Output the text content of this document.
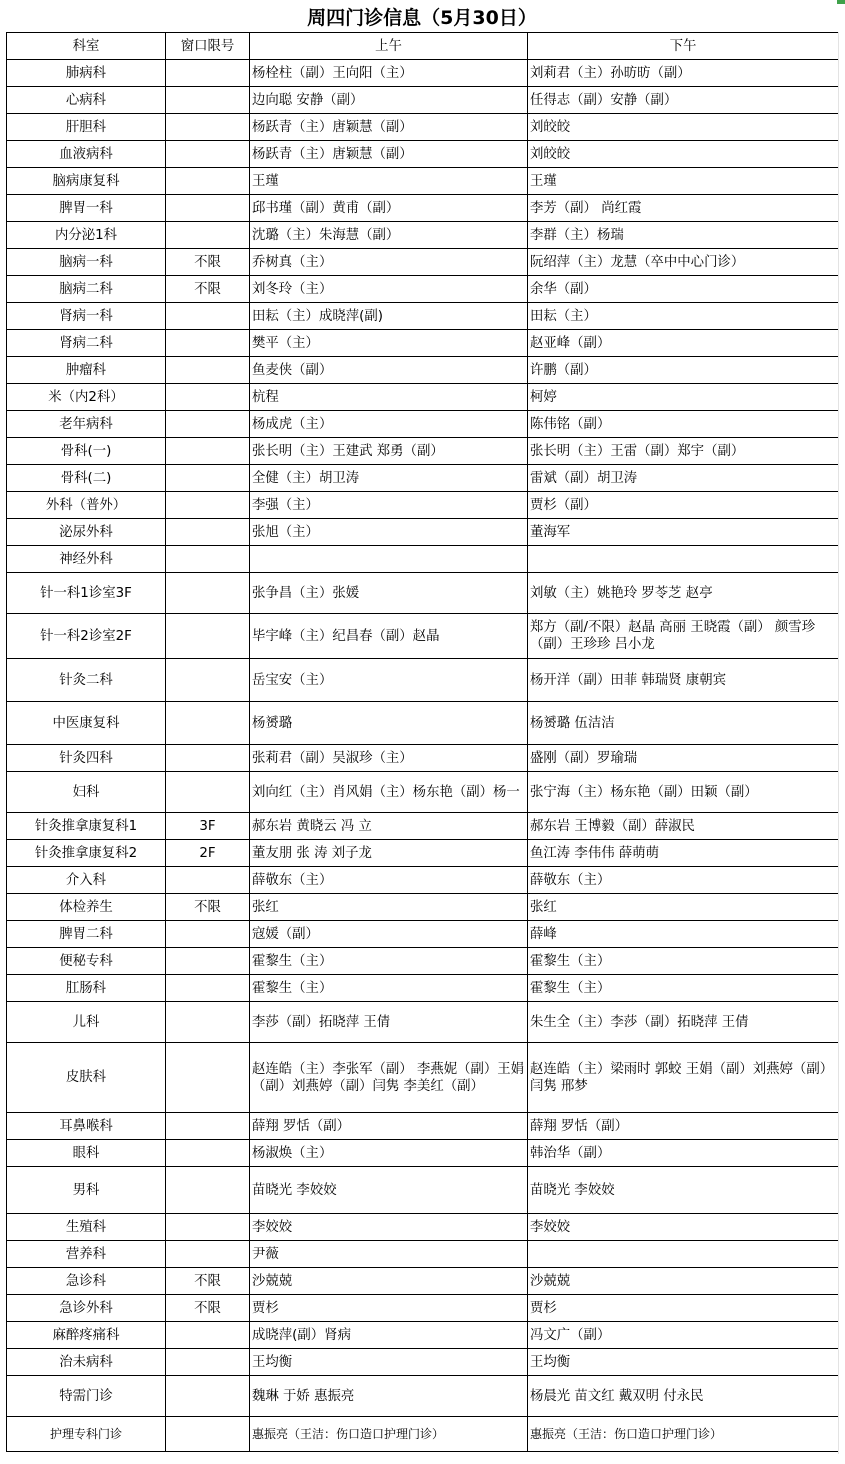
周四门诊信息（5月30日）
科室	窗口限号	上午	下午
肺病科		杨栓柱（副）王向阳（主）	刘莉君（主）孙昉昉（副）
心病科		边向聪 安静（副）	任得志（副）安静（副）
肝胆科		杨跃青（主）唐颖慧（副）	刘皎皎
血液病科		杨跃青（主）唐颖慧（副）	刘皎皎
脑病康复科		王瑾	王瑾
脾胃一科		邱书瑾（副）黄甫（副）	李芳（副） 尚红霞
内分泌1科		沈璐（主）朱海慧（副）	李群（主）杨瑞
脑病一科	不限	乔树真（主）	阮绍萍（主）龙慧（卒中中心门诊）
脑病二科	不限	刘冬玲（主）	余华（副）
肾病一科		田耘（主）成晓萍(副)	田耘（主）
肾病二科		樊平（主）	赵亚峰（副）
肿瘤科		鱼麦侠（副）	许鹏（副）
米（内2科）		杭程	柯婷
老年病科		杨成虎（主）	陈伟铭（副）
骨科(一)		张长明（主）王建武 郑勇（副）	张长明（主）王雷（副）郑宇（副）
骨科(二)		全健（主）胡卫涛	雷斌（副）胡卫涛
外科（普外）		李强（主）	贾杉（副）
泌尿外科		张旭（主）	董海军
神经外科			
针一科1诊室3F		张争昌（主）张媛	刘敏（主）姚艳玲 罗苓芝 赵亭
针一科2诊室2F		毕宇峰（主）纪昌春（副）赵晶	郑方（副/不限）赵晶 高丽 王晓霞（副） 颜雪珍（副）王珍珍 吕小龙
针灸二科		岳宝安（主）	杨开洋（副）田菲 韩瑞贤 康朝宾
中医康复科		杨赟璐	杨赟璐 伍洁洁
针灸四科		张莉君（副）吴淑珍（主）	盛刚（副）罗瑜瑞
妇科		刘向红（主）肖风娟（主）杨东艳（副）杨一	张宁海（主）杨东艳（副）田颖（副）
针灸推拿康复科1	3F	郝东岩 黄晓云 冯 立	郝东岩 王博毅（副）薛淑民
针灸推拿康复科2	2F	董友朋 张 涛 刘子龙	鱼江涛 李伟伟 薛萌萌
介入科		薛敬东（主）	薛敬东（主）
体检养生	不限	张红	张红
脾胃二科		寇媛（副）	薛峰
便秘专科		霍黎生（主）	霍黎生（主）
肛肠科		霍黎生（主）	霍黎生（主）
儿科		李莎（副）拓晓萍 王倩	朱生全（主）李莎（副）拓晓萍 王倩
皮肤科		赵连皓（主）李张军（副） 李燕妮（副）王娟（副）刘燕婷（副）闫隽 李美红（副）	赵连皓（主）梁雨时 郭蛟 王娟（副）刘燕婷（副）闫隽 邢梦
耳鼻喉科		薛翔 罗恬（副）	薛翔 罗恬（副）
眼科		杨淑焕（主）	韩治华（副）
男科		苗晓光 李姣姣	苗晓光 李姣姣
生殖科		李姣姣	李姣姣
营养科		尹薇	
急诊科	不限	沙兢兢	沙兢兢
急诊外科	不限	贾杉	贾杉
麻醉疼痛科		成晓萍(副）肾病	冯文广（副）
治未病科		王均衡	王均衡
特需门诊		魏琳 于娇 惠振亮	杨晨光 苗文红 戴双明 付永民
护理专科门诊		惠振亮（王洁：伤口造口护理门诊）	惠振亮（王洁：伤口造口护理门诊）
